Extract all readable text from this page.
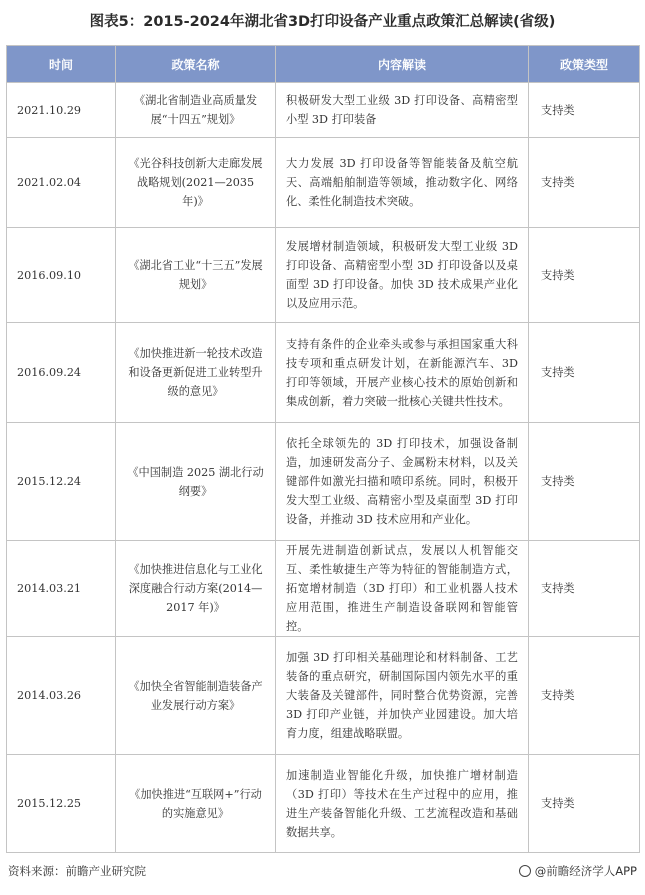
图表5：2015-2024年湖北省3D打印设备产业重点政策汇总解读(省级)
时间	政策名称	内容解读	政策类型
2021.10.29	《湖北省制造业高质量发展“十四五”规划》	积极研发大型工业级 3D 打印设备、高精密型小型 3D 打印装备	支持类
2021.02.04	《光谷科技创新大走廊发展战略规划(2021—2035 年)》	大力发展 3D 打印设备等智能装备及航空航天、高端船舶制造等领域，推动数字化、网络化、柔性化制造技术突破。	支持类
2016.09.10	《湖北省工业“十三五”发展规划》	发展增材制造领域，积极研发大型工业级 3D 打印设备、高精密型小型 3D 打印设备以及桌面型 3D 打印设备。加快 3D 技术成果产业化以及应用示范。	支持类
2016.09.24	《加快推进新一轮技术改造和设备更新促进工业转型升级的意见》	支持有条件的企业牵头或参与承担国家重大科技专项和重点研发计划，在新能源汽车、3D 打印等领域，开展产业核心技术的原始创新和集成创新，着力突破一批核心关键共性技术。	支持类
2015.12.24	《中国制造 2025 湖北行动纲要》	依托全球领先的 3D 打印技术，加强设备制造，加速研发高分子、金属粉末材料，以及关键部件如激光扫描和喷印系统。同时，积极开发大型工业级、高精密小型及桌面型 3D 打印设备，并推动 3D 技术应用和产业化。	支持类
2014.03.21	《加快推进信息化与工业化深度融合行动方案(2014—2017 年)》	开展先进制造创新试点，发展以人机智能交互、柔性敏捷生产等为特征的智能制造方式，拓宽增材制造（3D 打印）和工业机器人技术应用范围，推进生产制造设备联网和智能管控。	支持类
2014.03.26	《加快全省智能制造装备产业发展行动方案》	加强 3D 打印相关基础理论和材料制备、工艺装备的重点研究，研制国际国内领先水平的重大装备及关键部件，同时整合优势资源，完善 3D 打印产业链，并加快产业园建设。加大培育力度，组建战略联盟。	支持类
2015.12.25	《加快推进“互联网+”行动的实施意见》	加速制造业智能化升级，加快推广增材制造（3D 打印）等技术在生产过程中的应用，推进生产装备智能化升级、工艺流程改造和基础数据共享。	支持类
资料来源：前瞻产业研究院	@前瞻经济学人APP
